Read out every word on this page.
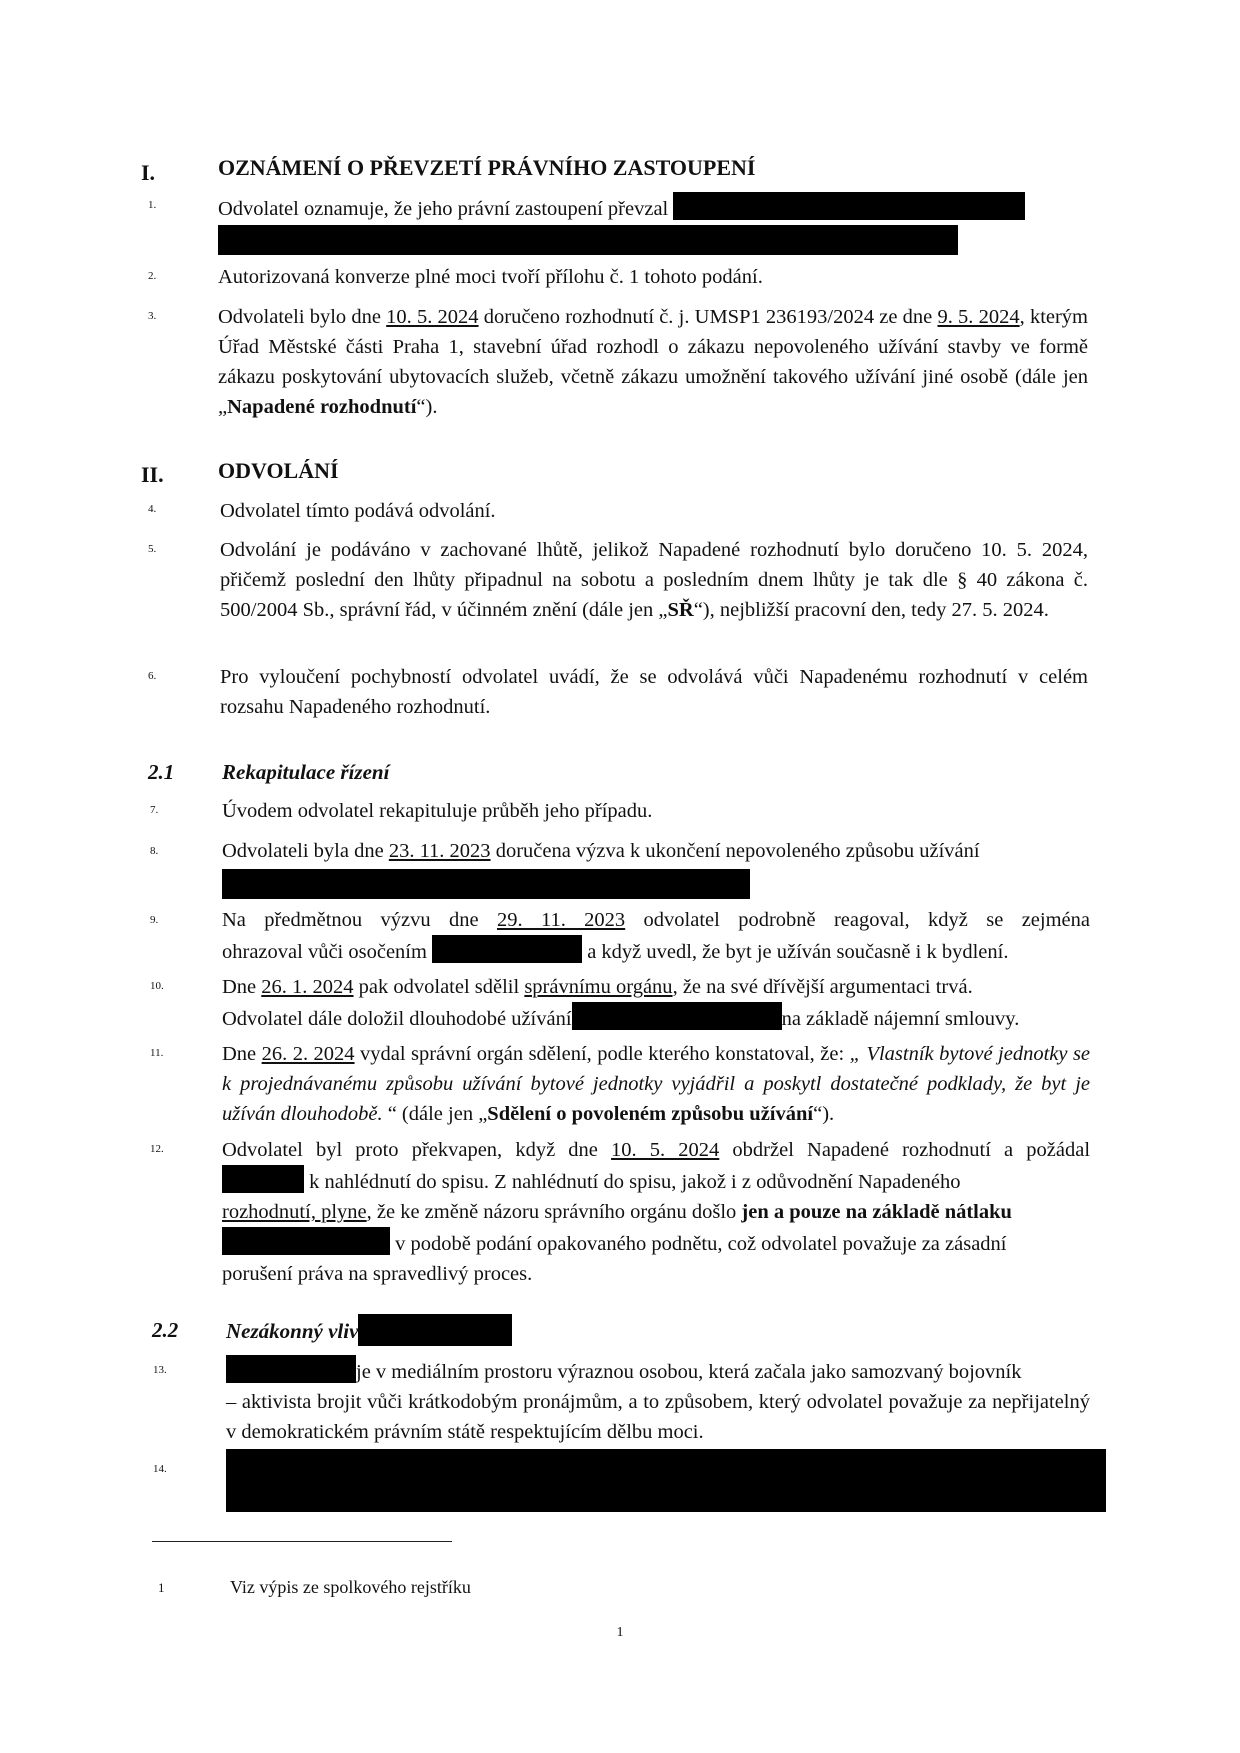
I.	OZNÁMENÍ O PŘEVZETÍ PRÁVNÍHO ZASTOUPENÍ
1.	Odvolatel oznamuje, že jeho právní zastoupení převzal
2.	Autorizovaná konverze plné moci tvoří přílohu č. 1 tohoto podání.
3.	Odvolateli bylo dne 10. 5. 2024 doručeno rozhodnutí č. j. UMSP1 236193/2024 ze dne 9. 5. 2024, kterým Úřad Městské části Praha 1, stavební úřad rozhodl o zákazu nepovoleného užívání stavby ve formě zákazu poskytování ubytovacích služeb, včetně zákazu umožnění takového užívání jiné osobě (dále jen „Napadené rozhodnutí“).
II. ODVOLÁNÍ
4.	Odvolatel tímto podává odvolání.
5.	Odvolání je podáváno v zachované lhůtě, jelikož Napadené rozhodnutí bylo doručeno 10. 5. 2024, přičemž poslední den lhůty připadnul na sobotu a posledním dnem lhůty je tak dle § 40 zákona č. 500/2004 Sb., správní řád, v účinném znění (dále jen „SŘ“), nejbližší pracovní den, tedy 27. 5. 2024.
6.	Pro vyloučení pochybností odvolatel uvádí, že se odvolává vůči Napadenému rozhodnutí v celém rozsahu Napadeného rozhodnutí.
2.1 Rekapitulace řízení
7.	Úvodem odvolatel rekapituluje průběh jeho případu.
8.	Odvolateli byla dne 23. 11. 2023 doručena výzva k ukončení nepovoleného způsobu užívání
9.	Na předmětnou výzvu dne 29. 11. 2023 odvolatel podrobně reagoval, když se zejména
ohrazoval vůči osočením	a když uvedl, že byt je užíván současně i k bydlení.
10.	Dne 26. 1. 2024 pak odvolatel sdělil správnímu orgánu, že na své dřívější argumentaci trvá.
Odvolatel dále doložil dlouhodobé užívání	na základě nájemní smlouvy.
11.	Dne 26. 2. 2024 vydal správní orgán sdělení, podle kterého konstatoval, že: „ Vlastník bytové jednotky se k projednávanému způsobu užívání bytové jednotky vyjádřil a poskytl dostatečné podklady, že byt je užíván dlouhodobě. “ (dále jen „Sdělení o povoleném způsobu užívání“).
12.	Odvolatel byl proto překvapen, když dne 10. 5. 2024 obdržel Napadené rozhodnutí a požádal
k nahlédnutí do spisu. Z nahlédnutí do spisu, jakož i z odůvodnění Napadeného
rozhodnutí, plyne, že ke změně názoru správního orgánu došlo jen a pouze na základě nátlaku
v podobě podání opakovaného podnětu, což odvolatel považuje za zásadní
porušení práva na spravedlivý proces.
2.2 Nezákonný vliv
13.	je v mediálním prostoru výraznou osobou, která začala jako samozvaný bojovník
– aktivista brojit vůči krátkodobým pronájmům, a to způsobem, který odvolatel považuje za nepřijatelný v demokratickém právním státě respektujícím dělbu moci.
14.
1	Viz výpis ze spolkového rejstříku
1
